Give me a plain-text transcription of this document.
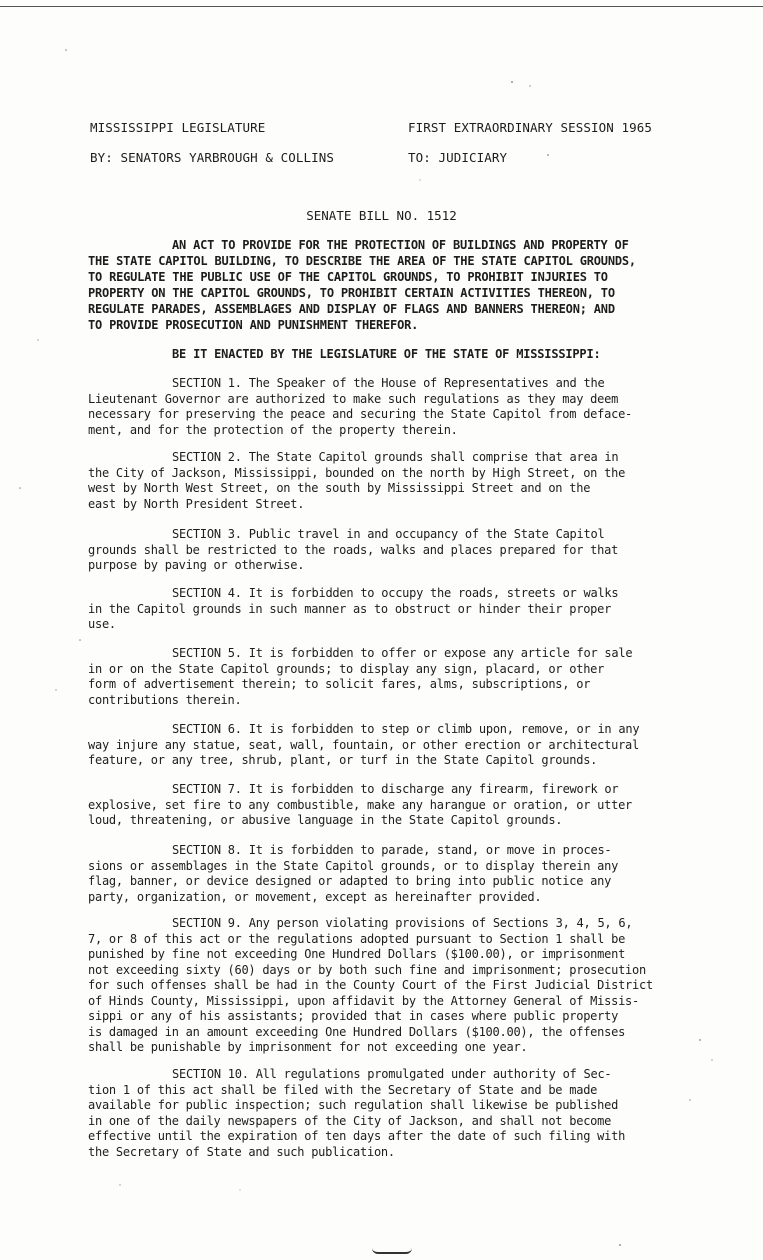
MISSISSIPPI LEGISLATURE	FIRST EXTRAORDINARY SESSION 1965
BY: SENATORS YARBROUGH & COLLINS	TO: JUDICIARY
SENATE BILL NO. 1512
AN ACT TO PROVIDE FOR THE PROTECTION OF BUILDINGS AND PROPERTY OF
THE STATE CAPITOL BUILDING, TO DESCRIBE THE AREA OF THE STATE CAPITOL GROUNDS,
TO REGULATE THE PUBLIC USE OF THE CAPITOL GROUNDS, TO PROHIBIT INJURIES TO
PROPERTY ON THE CAPITOL GROUNDS, TO PROHIBIT CERTAIN ACTIVITIES THEREON, TO
REGULATE PARADES, ASSEMBLAGES AND DISPLAY OF FLAGS AND BANNERS THEREON; AND
TO PROVIDE PROSECUTION AND PUNISHMENT THEREFOR.
BE IT ENACTED BY THE LEGISLATURE OF THE STATE OF MISSISSIPPI:
SECTION 1. The Speaker of the House of Representatives and the
Lieutenant Governor are authorized to make such regulations as they may deem
necessary for preserving the peace and securing the State Capitol from deface-
ment, and for the protection of the property therein.
SECTION 2. The State Capitol grounds shall comprise that area in
the City of Jackson, Mississippi, bounded on the north by High Street, on the
west by North West Street, on the south by Mississippi Street and on the
east by North President Street.
SECTION 3. Public travel in and occupancy of the State Capitol
grounds shall be restricted to the roads, walks and places prepared for that
purpose by paving or otherwise.
SECTION 4. It is forbidden to occupy the roads, streets or walks
in the Capitol grounds in such manner as to obstruct or hinder their proper
use.
SECTION 5. It is forbidden to offer or expose any article for sale
in or on the State Capitol grounds; to display any sign, placard, or other
form of advertisement therein; to solicit fares, alms, subscriptions, or
contributions therein.
SECTION 6. It is forbidden to step or climb upon, remove, or in any
way injure any statue, seat, wall, fountain, or other erection or architectural
feature, or any tree, shrub, plant, or turf in the State Capitol grounds.
SECTION 7. It is forbidden to discharge any firearm, firework or
explosive, set fire to any combustible, make any harangue or oration, or utter
loud, threatening, or abusive language in the State Capitol grounds.
SECTION 8. It is forbidden to parade, stand, or move in proces-
sions or assemblages in the State Capitol grounds, or to display therein any
flag, banner, or device designed or adapted to bring into public notice any
party, organization, or movement, except as hereinafter provided.
SECTION 9. Any person violating provisions of Sections 3, 4, 5, 6,
7, or 8 of this act or the regulations adopted pursuant to Section 1 shall be
punished by fine not exceeding One Hundred Dollars ($100.00), or imprisonment
not exceeding sixty (60) days or by both such fine and imprisonment; prosecution
for such offenses shall be had in the County Court of the First Judicial District
of Hinds County, Mississippi, upon affidavit by the Attorney General of Missis-
sippi or any of his assistants; provided that in cases where public property
is damaged in an amount exceeding One Hundred Dollars ($100.00), the offenses
shall be punishable by imprisonment for not exceeding one year.
SECTION 10. All regulations promulgated under authority of Sec-
tion 1 of this act shall be filed with the Secretary of State and be made
available for public inspection; such regulation shall likewise be published
in one of the daily newspapers of the City of Jackson, and shall not become
effective until the expiration of ten days after the date of such filing with
the Secretary of State and such publication.
